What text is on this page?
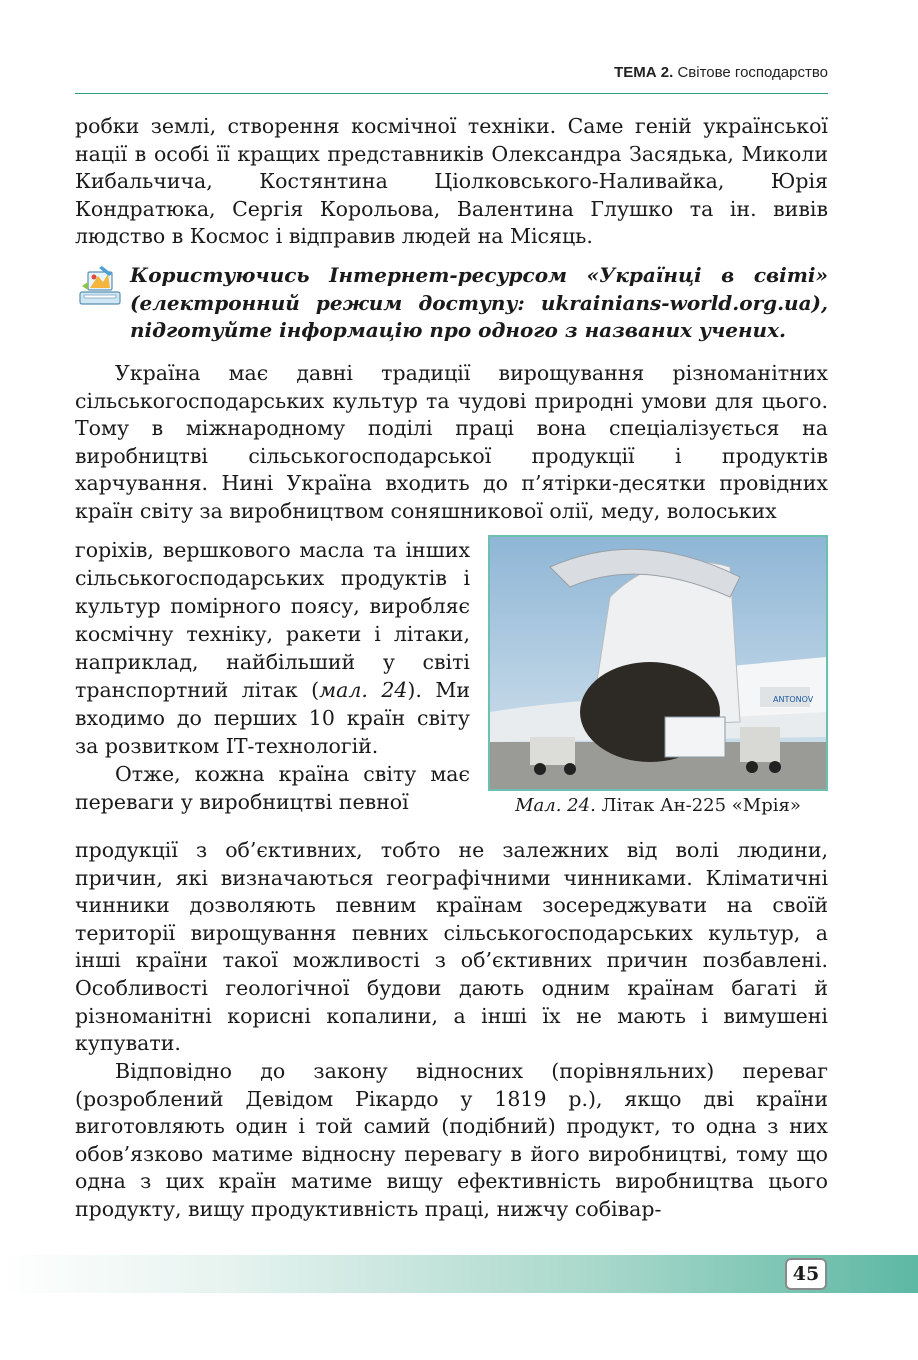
ТЕМА 2. Світове господарство

робки землі, створення космічної техніки. Саме геній української нації в особі її кращих представників Олександра Засядька, Миколи Кибальчича, Костянтина Ціолковського-Наливайка, Юрія Кондратюка, Сергія Корольова, Валентина Глушко та ін. вивів людство в Космос і відправив людей на Місяць.

Користуючись Інтернет-ресурсом «Українці в світі» (електронний режим доступу: ukrainians-world.org.ua), підготуйте інформацію про одного з названих учених.

Україна має давні традиції вирощування різноманітних сільськогосподарських культур та чудові природні умови для цього. Тому в міжнародному поділі праці вона спеціалізується на виробництві сільськогосподарської продукції і продуктів харчування. Нині Україна входить до п’ятірки-десятки провідних країн світу за виробництвом соняшникової олії, меду, волоських

горіхів, вершкового масла та інших сільськогосподарських продуктів і культур помірного поясу, виробляє космічну техніку, ракети і літаки, наприклад, найбільший у світі транспортний літак (мал. 24). Ми входимо до перших 10 країн світу за розвитком ІТ-технологій.

Отже, кожна країна світу має переваги у виробництві певної

ANTONOV
Мал. 24. Літак Ан-225 «Мрія»

продукції з об’єктивних, тобто не залежних від волі людини, причин, які визначаються географічними чинниками. Кліматичні чинники дозволяють певним країнам зосереджувати на своїй території вирощування певних сільськогосподарських культур, а інші країни такої можливості з об’єктивних причин позбавлені. Особливості геологічної будови дають одним країнам багаті й різноманітні корисні копалини, а інші їх не мають і вимушені купувати.

Відповідно до закону відносних (порівняльних) переваг (розроблений Девідом Рікардо у 1819 р.), якщо дві країни виготовляють один і той самий (подібний) продукт, то одна з них обов’язково матиме відносну перевагу в його виробництві, тому що одна з цих країн матиме вищу ефективність виробництва цього продукту, вищу продуктивність праці, нижчу собівар-

45
